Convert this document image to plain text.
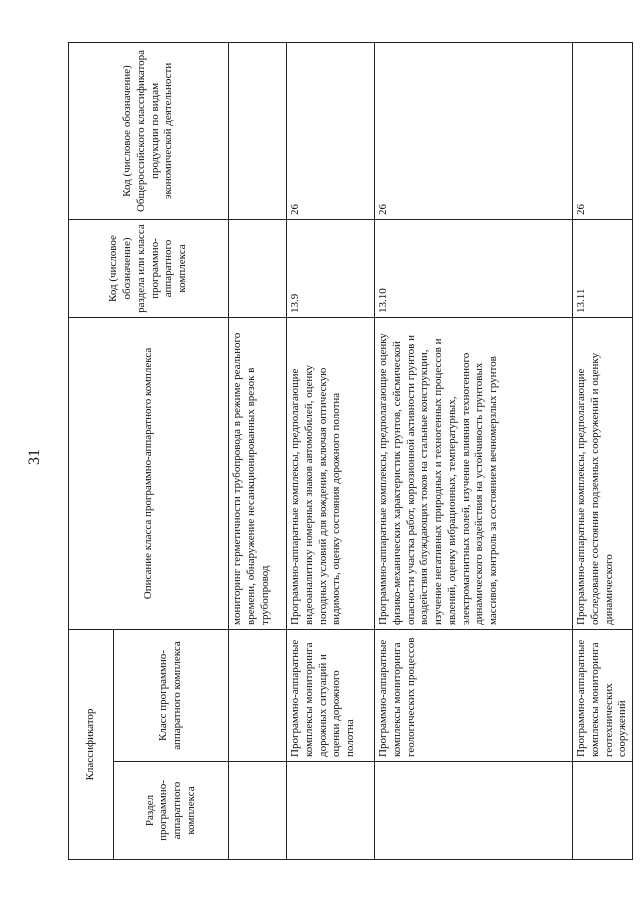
31
Классификатор		Описание класса программно-аппаратного комплекса	Код (числовое обозначение) раздела или класса программно-аппаратного комплекса	Код (числовое обозначение) Общероссийского классификатора продукции по видам экономической деятельности
Раздел программно-аппаратного комплекса	Класс программно-аппаратного комплекса			
		мониторинг герметичности трубопровода в режиме реального времени, обнаружение несанкционированных врезок в трубопровод		
	Программно-аппаратные комплексы мониторинга дорожных ситуаций и оценки дорожного полотна	Программно-аппаратные комплексы, предполагающие видеоаналитику номерных знаков автомобилей, оценку погодных условий для вождения, включая оптическую видимость, оценку состояния дорожного полотна	13.9	26
	Программно-аппаратные комплексы мониторинга геологических процессов	Программно-аппаратные комплексы, предполагающие оценку физико-механических характеристик грунтов, сейсмической опасности участка работ, коррозионной активности грунтов и воздействия блуждающих токов на стальные конструкции, изучение негативных природных и техногенных процессов и явлений, оценку вибрационных, температурных, электромагнитных полей, изучение влияния техногенного динамического воздействия на устойчивость грунтовых массивов, контроль за состоянием вечномерзлых грунтов	13.10	26
	Программно-аппаратные комплексы мониторинга геотехнических сооружений	Программно-аппаратные комплексы, предполагающие обследование состояния подземных сооружений и оценку динамического	13.11	26
